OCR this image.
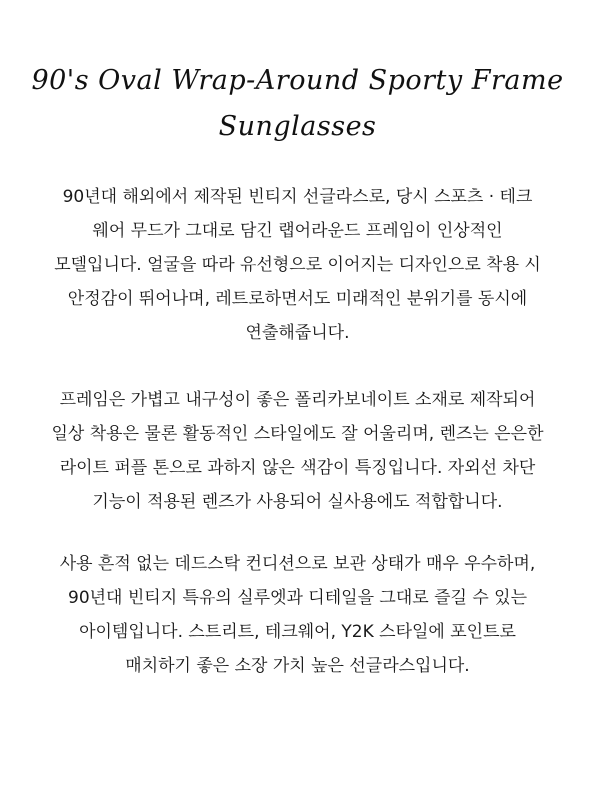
90's Oval Wrap-Around Sporty Frame
Sunglasses

90년대 해외에서 제작된 빈티지 선글라스로, 당시 스포츠 · 테크
웨어 무드가 그대로 담긴 랩어라운드 프레임이 인상적인
모델입니다. 얼굴을 따라 유선형으로 이어지는 디자인으로 착용 시
안정감이 뛰어나며, 레트로하면서도 미래적인 분위기를 동시에
연출해줍니다.

프레임은 가볍고 내구성이 좋은 폴리카보네이트 소재로 제작되어
일상 착용은 물론 활동적인 스타일에도 잘 어울리며, 렌즈는 은은한
라이트 퍼플 톤으로 과하지 않은 색감이 특징입니다. 자외선 차단
기능이 적용된 렌즈가 사용되어 실사용에도 적합합니다.

사용 흔적 없는 데드스탁 컨디션으로 보관 상태가 매우 우수하며,
90년대 빈티지 특유의 실루엣과 디테일을 그대로 즐길 수 있는
아이템입니다. 스트리트, 테크웨어, Y2K 스타일에 포인트로
매치하기 좋은 소장 가치 높은 선글라스입니다.
